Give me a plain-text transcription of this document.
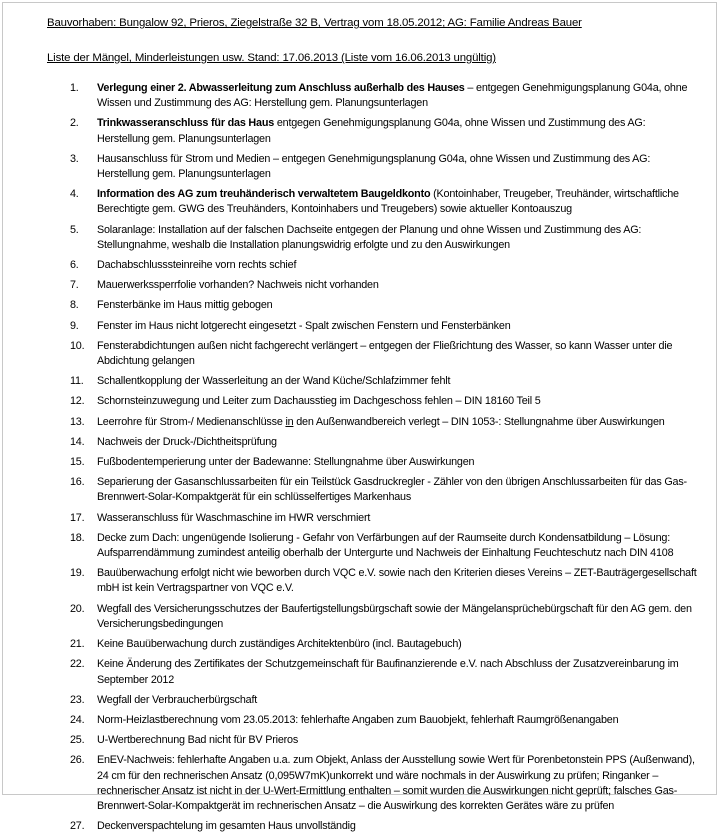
Bauvorhaben: Bungalow 92, Prieros, Ziegelstraße 32 B, Vertrag vom 18.05.2012; AG: Familie Andreas Bauer
Liste der Mängel, Minderleistungen usw. Stand: 17.06.2013 (Liste vom 16.06.2013 ungültig)
1. Verlegung einer 2. Abwasserleitung zum Anschluss außerhalb des Hauses – entgegen Genehmigungsplanung G04a, ohne Wissen und Zustimmung des AG: Herstellung gem. Planungsunterlagen
2. Trinkwasseranschluss für das Haus entgegen Genehmigungsplanung G04a, ohne Wissen und Zustimmung des AG: Herstellung gem. Planungsunterlagen
3. Hausanschluss für Strom und Medien – entgegen Genehmigungsplanung G04a, ohne Wissen und Zustimmung des AG: Herstellung gem. Planungsunterlagen
4. Information des AG zum treuhänderisch verwaltetem Baugeldkonto (Kontoinhaber, Treugeber, Treuhänder, wirtschaftliche Berechtigte gem. GWG des Treuhänders, Kontoinhabers und Treugebers) sowie aktueller Kontoauszug
5. Solaranlage: Installation auf der falschen Dachseite entgegen der Planung und ohne Wissen und Zustimmung des AG: Stellungnahme, weshalb die Installation planungswidrig erfolgte und zu den Auswirkungen
6. Dachabschlusssteinreihe vorn rechts schief
7. Mauerwerkssperrfolie vorhanden? Nachweis nicht vorhanden
8. Fensterbänke im Haus mittig gebogen
9. Fenster im Haus nicht lotgerecht eingesetzt - Spalt zwischen Fenstern und Fensterbänken
10. Fensterabdichtungen außen nicht fachgerecht verlängert – entgegen der Fließrichtung des Wasser, so kann Wasser unter die Abdichtung gelangen
11. Schallentkopplung der Wasserleitung an der Wand Küche/Schlafzimmer fehlt
12. Schornsteinzuwegung und Leiter zum Dachausstieg im Dachgeschoss fehlen – DIN 18160 Teil 5
13. Leerrohre für Strom-/ Medienanschlüsse in den Außenwandbereich verlegt – DIN 1053-: Stellungnahme über Auswirkungen
14. Nachweis der Druck-/Dichtheitsprüfung
15. Fußbodentemperierung unter der Badewanne: Stellungnahme über Auswirkungen
16. Separierung der Gasanschlussarbeiten für ein Teilstück Gasdruckregler - Zähler von den übrigen Anschlussarbeiten für das Gas-Brennwert-Solar-Kompaktgerät für ein schlüsselfertiges Markenhaus
17. Wasseranschluss für Waschmaschine im HWR verschmiert
18. Decke zum Dach: ungenügende Isolierung - Gefahr von Verfärbungen auf der Raumseite durch Kondensatbildung – Lösung: Aufsparrendämmung zumindest anteilig oberhalb der Untergurte und Nachweis der Einhaltung Feuchteschutz nach DIN 4108
19. Bauüberwachung erfolgt nicht wie beworben durch VQC e.V. sowie nach den Kriterien dieses Vereins – ZET-Bauträgergesellschaft mbH ist kein Vertragspartner von VQC e.V.
20. Wegfall des Versicherungsschutzes der Baufertigstellungsbürgschaft sowie der Mängelansprüchebürgschaft für den AG gem. den Versicherungsbedingungen
21. Keine Bauüberwachung durch zuständiges Architektenbüro (incl. Bautagebuch)
22. Keine Änderung des Zertifikates der Schutzgemeinschaft für Baufinanzierende e.V. nach Abschluss der Zusatzvereinbarung im September 2012
23. Wegfall der Verbraucherbürgschaft
24. Norm-Heizlastberechnung vom 23.05.2013: fehlerhafte Angaben zum Bauobjekt, fehlerhaft Raumgrößenangaben
25. U-Wertberechnung Bad nicht für BV Prieros
26. EnEV-Nachweis: fehlerhafte Angaben u.a. zum Objekt, Anlass der Ausstellung sowie Wert für Porenbetonstein PPS (Außenwand), 24 cm für den rechnerischen Ansatz (0,095W7mK)unkorrekt und wäre nochmals in der Auswirkung zu prüfen; Ringanker – rechnerischer Ansatz ist nicht in der U-Wert-Ermittlung enthalten – somit wurden die Auswirkungen nicht geprüft; falsches Gas-Brennwert-Solar-Kompaktgerät im rechnerischen Ansatz – die Auswirkung des korrekten Gerätes wäre zu prüfen
27. Deckenverspachtelung im gesamten Haus unvollständig
